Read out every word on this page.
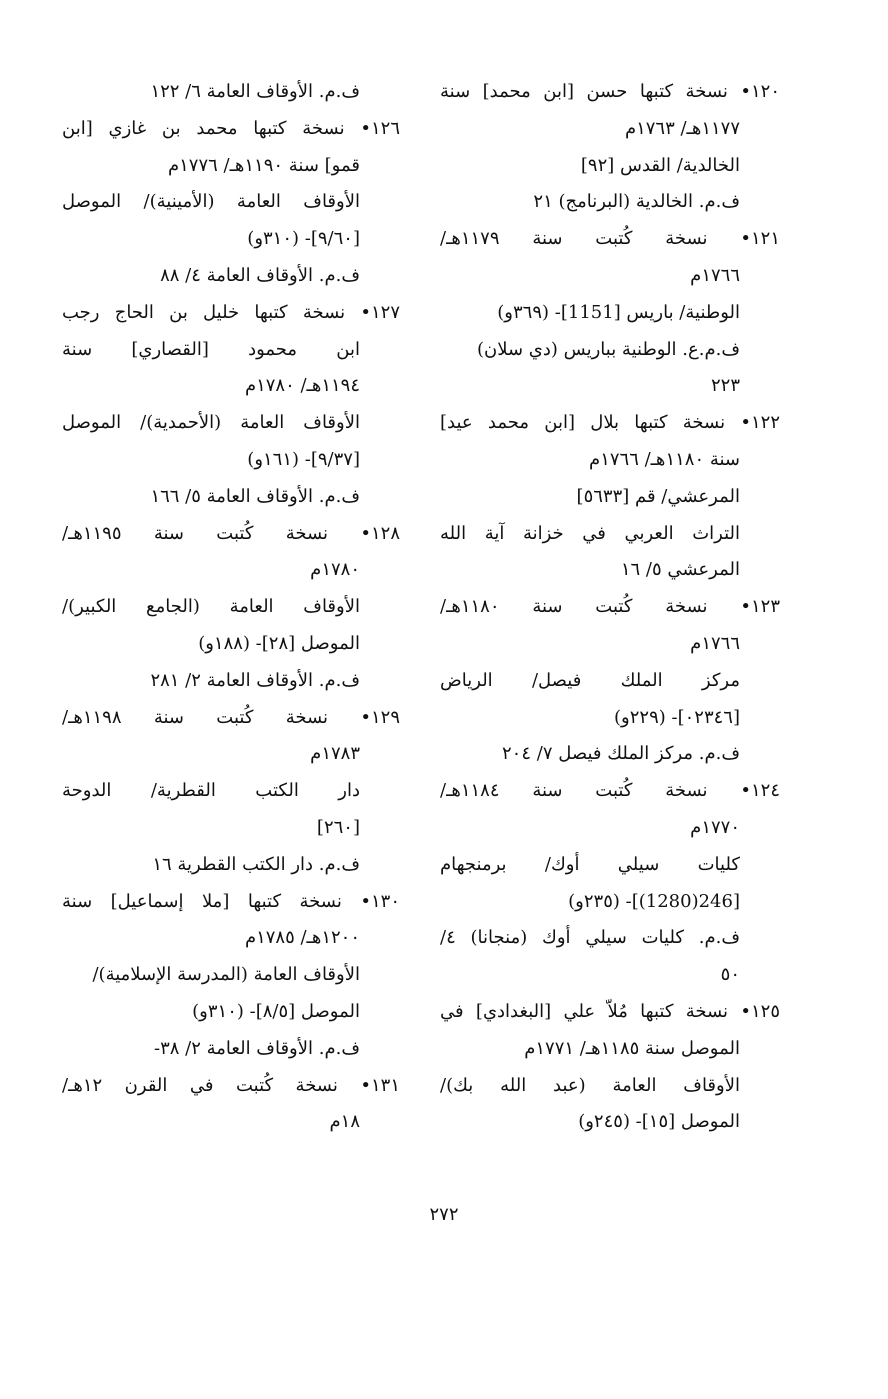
١٢٠• نسخة كتبها حسن [ابن محمد] سنة
١١٧٧هـ/ ١٧٦٣م
الخالدية/ القدس [٩٢]
ف.م. الخالدية (البرنامج) ٢١
١٢١• نسخة كُتبت سنة ١١٧٩هـ/
١٧٦٦م
الوطنية/ باريس [1151]- (٣٦٩و)
ف.م.ع. الوطنية بباريس (دي سلان)
٢٢٣
١٢٢• نسخة كتبها بلال [ابن محمد عيد]
سنة ١١٨٠هـ/ ١٧٦٦م
المرعشي/ قم [٥٦٣٣]
التراث العربي في خزانة آية الله
المرعشي ٥/ ١٦
١٢٣• نسخة كُتبت سنة ١١٨٠هـ/
١٧٦٦م
مركز الملك فيصل/ الرياض
[٠٢٣٤٦]- (٢٢٩و)
ف.م. مركز الملك فيصل ٧/ ٢٠٤
١٢٤• نسخة كُتبت سنة ١١٨٤هـ/
١٧٧٠م
كليات سيلي أوك/ برمنجهام
[246(1280)]- (٢٣٥و)
ف.م. كليات سيلي أوك (منجانا) ٤/
٥٠
١٢٥• نسخة كتبها مُلاّ علي [البغدادي] في
الموصل سنة ١١٨٥هـ/ ١٧٧١م
الأوقاف العامة (عبد الله بك)/
الموصل [١٥]- (٢٤٥و)
ف.م. الأوقاف العامة ٦/ ١٢٢
١٢٦• نسخة كتبها محمد بن غازي [ابن
قمو] سنة ١١٩٠هـ/ ١٧٧٦م
الأوقاف العامة (الأمينية)/ الموصل
[٩/٦٠]- (٣١٠و)
ف.م. الأوقاف العامة ٤/ ٨٨
١٢٧• نسخة كتبها خليل بن الحاج رجب
ابن محمود [القصاري] سنة
١١٩٤هـ/ ١٧٨٠م
الأوقاف العامة (الأحمدية)/ الموصل
[٩/٣٧]- (١٦١و)
ف.م. الأوقاف العامة ٥/ ١٦٦
١٢٨• نسخة كُتبت سنة ١١٩٥هـ/
١٧٨٠م
الأوقاف العامة (الجامع الكبير)/
الموصل [٢٨]- (١٨٨و)
ف.م. الأوقاف العامة ٢/ ٢٨١
١٢٩• نسخة كُتبت سنة ١١٩٨هـ/
١٧٨٣م
دار الكتب القطرية/ الدوحة
[٢٦٠]
ف.م. دار الكتب القطرية ١٦
١٣٠• نسخة كتبها [ملا إسماعيل] سنة
١٢٠٠هـ/ ١٧٨٥م
الأوقاف العامة (المدرسة الإسلامية)/
الموصل [٨/٥]- (٣١٠و)
ف.م. الأوقاف العامة ٢/ ٣٨-
١٣١• نسخة كُتبت في القرن ١٢هـ/
١٨م
٢٧٢
